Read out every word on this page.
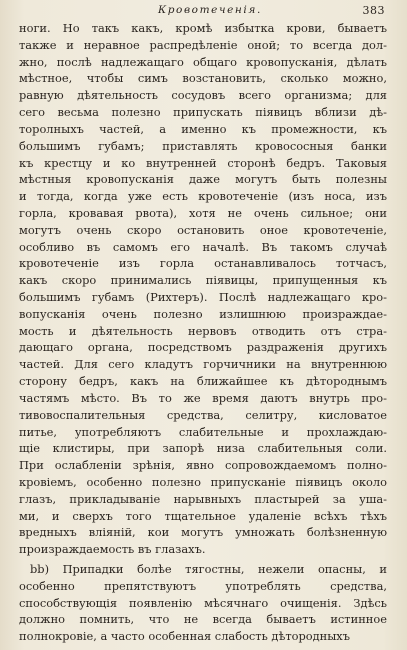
Кровотеченія.	383
ноги. Но такъ какъ, кромѣ избытка крови, бываетъ
также и неравное распредѣленіе оной; то всегда дол-
жно, послѣ надлежащаго общаго кровопусканія, дѣлать
мѣстное, чтобы симъ возстановить, сколько можно,
равную дѣятельность сосудовъ всего организма; для
сего весьма полезно припускать піявицъ вблизи дѣ-
торолныхъ частей, а именно къ промежности, къ
большимъ губамъ; приставлять кровососныя банки
къ крестцу и ко внутренней сторонѣ бедръ. Таковыя
мѣстныя кровопусканія даже могутъ быть полезны
и тогда, когда уже есть кровотеченіе (изъ носа, изъ
горла, кровавая рвота), хотя не очень сильное; они
могутъ очень скоро остановить оное кровотеченіе,
особливо въ самомъ его началѣ. Въ такомъ случаѣ
кровотеченіе изъ горла останавливалось тотчасъ,
какъ скоро принимались піявицы, припущенныя къ
большимъ губамъ (Рихтеръ). Послѣ надлежащаго кро-
вопусканія очень полезно излишнюю произраждае-
мость и дѣятельность нервовъ отводить отъ стра-
дающаго органа, посредствомъ раздраженія другихъ
частей. Для сего кладутъ горчичники на внутреннюю
сторону бедръ, какъ на ближайшее къ дѣтороднымъ
частямъ мѣсто. Въ то же время даютъ внутрь про-
тивовоспалительныя средства, селитру, кисловатое
питье, употребляютъ слабительные и прохлаждаю-
щіе клистиры, при запорѣ низа слабительныя соли.
При ослабленіи зрѣнія, явно сопровождаемомъ полно-
кровіемъ, особенно полезно припусканіе піявицъ около
глазъ, прикладываніе нарывныхъ пластырей за уша-
ми, и сверхъ того тщательное удаленіе всѣхъ тѣхъ
вредныхъ вліяній, кои могутъ умножать болѣзненную
произраждаемость въ глазахъ.
bb) Припадки болѣе тягостны, нежели опасны, и
особенно препятствуютъ употреблять средства,
способствующія появленію мѣсячнаго очищенія. Здѣсь
должно помнить, что не всегда бываетъ истинное
полнокровіе, а часто особенная слабость дѣтородныхъ
